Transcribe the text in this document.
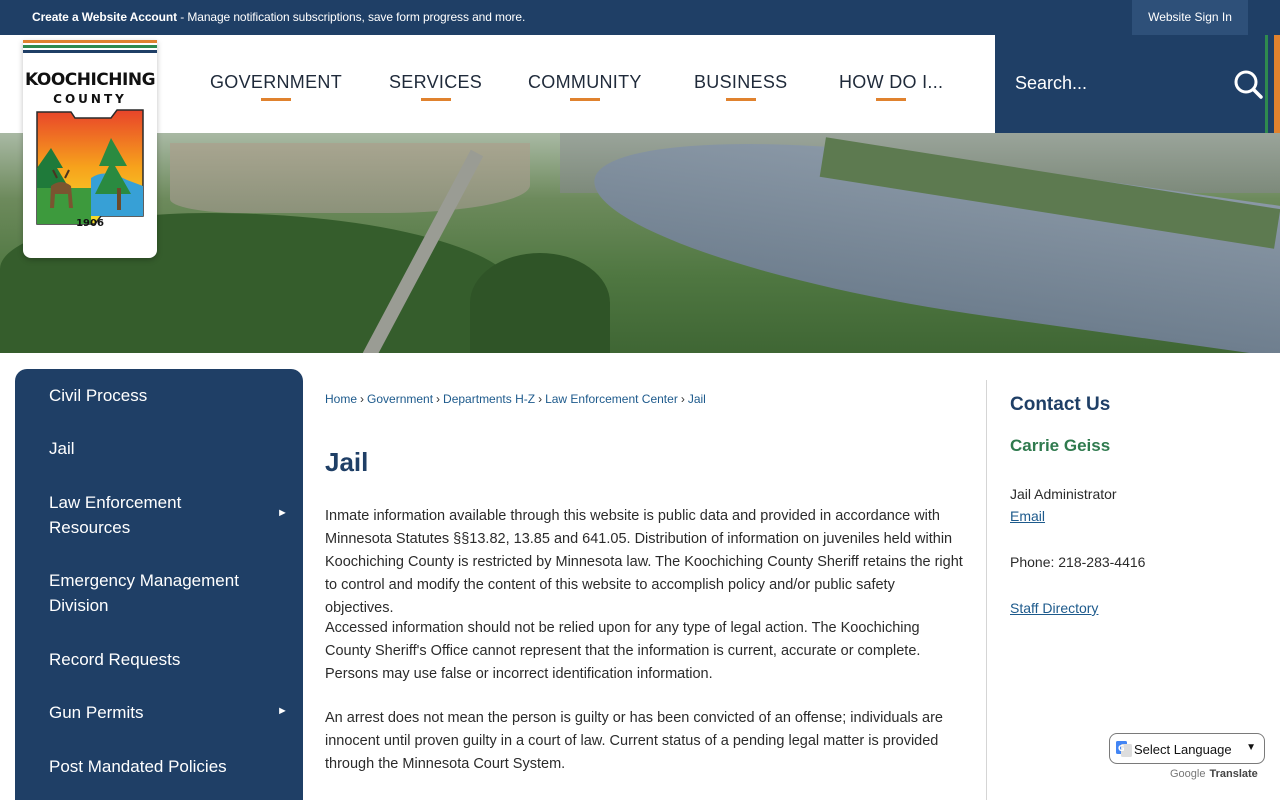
Create a Website Account - Manage notification subscriptions, save form progress and more.	Website Sign In
GOVERNMENT	SERVICES	COMMUNITY	BUSINESS	HOW DO I...	Search...
KOOCHICHING
COUNTY
1906
Civil Process
Jail
Law Enforcement Resources
►
Emergency Management Division
Record Requests
Gun Permits	►
Post Mandated Policies
Home › Government › Departments H-Z › Law Enforcement Center › Jail
Jail
Inmate information available through this website is public data and provided in accordance with Minnesota Statutes §§13.82, 13.85 and 641.05. Distribution of information on juveniles held within Koochiching County is restricted by Minnesota law. The Koochiching County Sheriff retains the right to control and modify the content of this website to accomplish policy and/or public safety objectives.
Accessed information should not be relied upon for any type of legal action. The Koochiching County Sheriff's Office cannot represent that the information is current, accurate or complete. Persons may use false or incorrect identification information.
An arrest does not mean the person is guilty or has been convicted of an offense; individuals are innocent until proven guilty in a court of law. Current status of a pending legal matter is provided through the Minnesota Court System.
Contact Us
Carrie Geiss
Jail Administrator
Email
Phone: 218-283-4416
Staff Directory
G Select Language ▼
Google Translate
